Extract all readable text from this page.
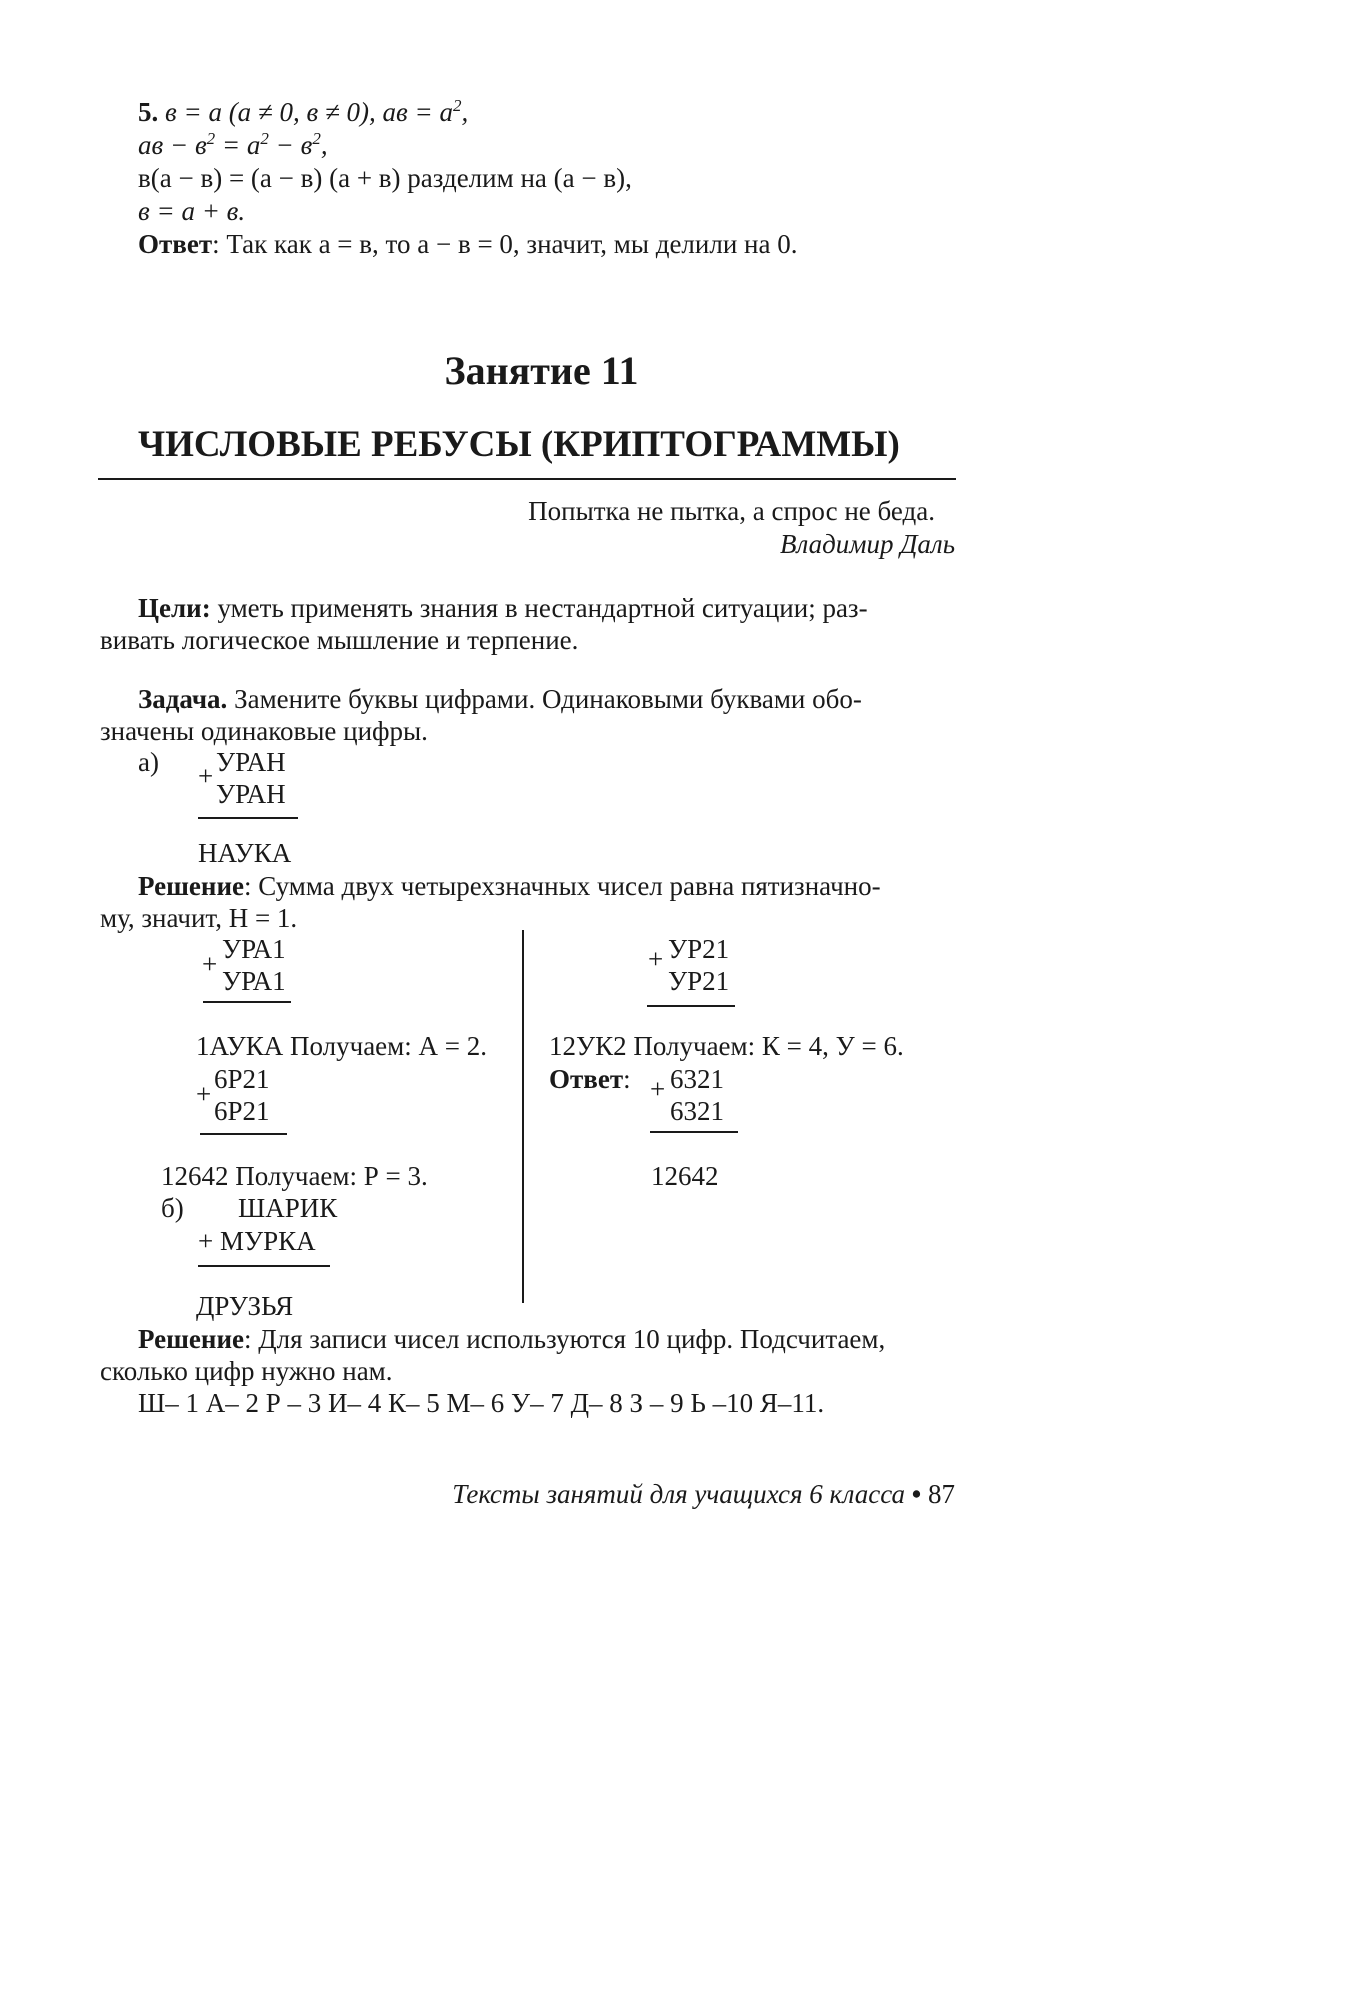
5. в = а (а ≠ 0, в ≠ 0), ав = $а^2$,
ав − $в^2 = а^2 - в^2$,
в(а − в) = (а − в) (а + в) разделим на (а − в),
в = а + в.
Ответ: Так как а = в, то а − в = 0, значит, мы делили на 0.
Занятие 11
ЧИСЛОВЫЕ РЕБУСЫ (КРИПТОГРАММЫ)
Попытка не пытка, а спрос не беда.
Владимир Даль
Цели: уметь применять знания в нестандартной ситуации; раз-
вивать логическое мышление и терпение.
Задача. Замените буквы цифрами. Одинаковыми буквами обо-
значены одинаковые цифры.
а) + УРАН
УРАН
НАУКА
Решение: Сумма двух четырехзначных чисел равна пятизначно-
му, значит, Н = 1.
+ УРА1
УРА1
1АУКА Получаем: А = 2.
+ 6Р21
6Р21
12642 Получаем: Р = 3.
+ УР21
УР21
12УК2 Получаем: К = 4, У = 6.
Ответ: + 6321
6321
12642
б) ШАРИК
+ МУРКА
ДРУЗЬЯ
Решение: Для записи чисел используются 10 цифр. Подсчитаем,
сколько цифр нужно нам.
Ш– 1 А– 2 Р – 3 И– 4 К– 5 М– 6 У– 7 Д– 8 З – 9 Ь –10 Я–11.
Тексты занятий для учащихся 6 класса • 87
